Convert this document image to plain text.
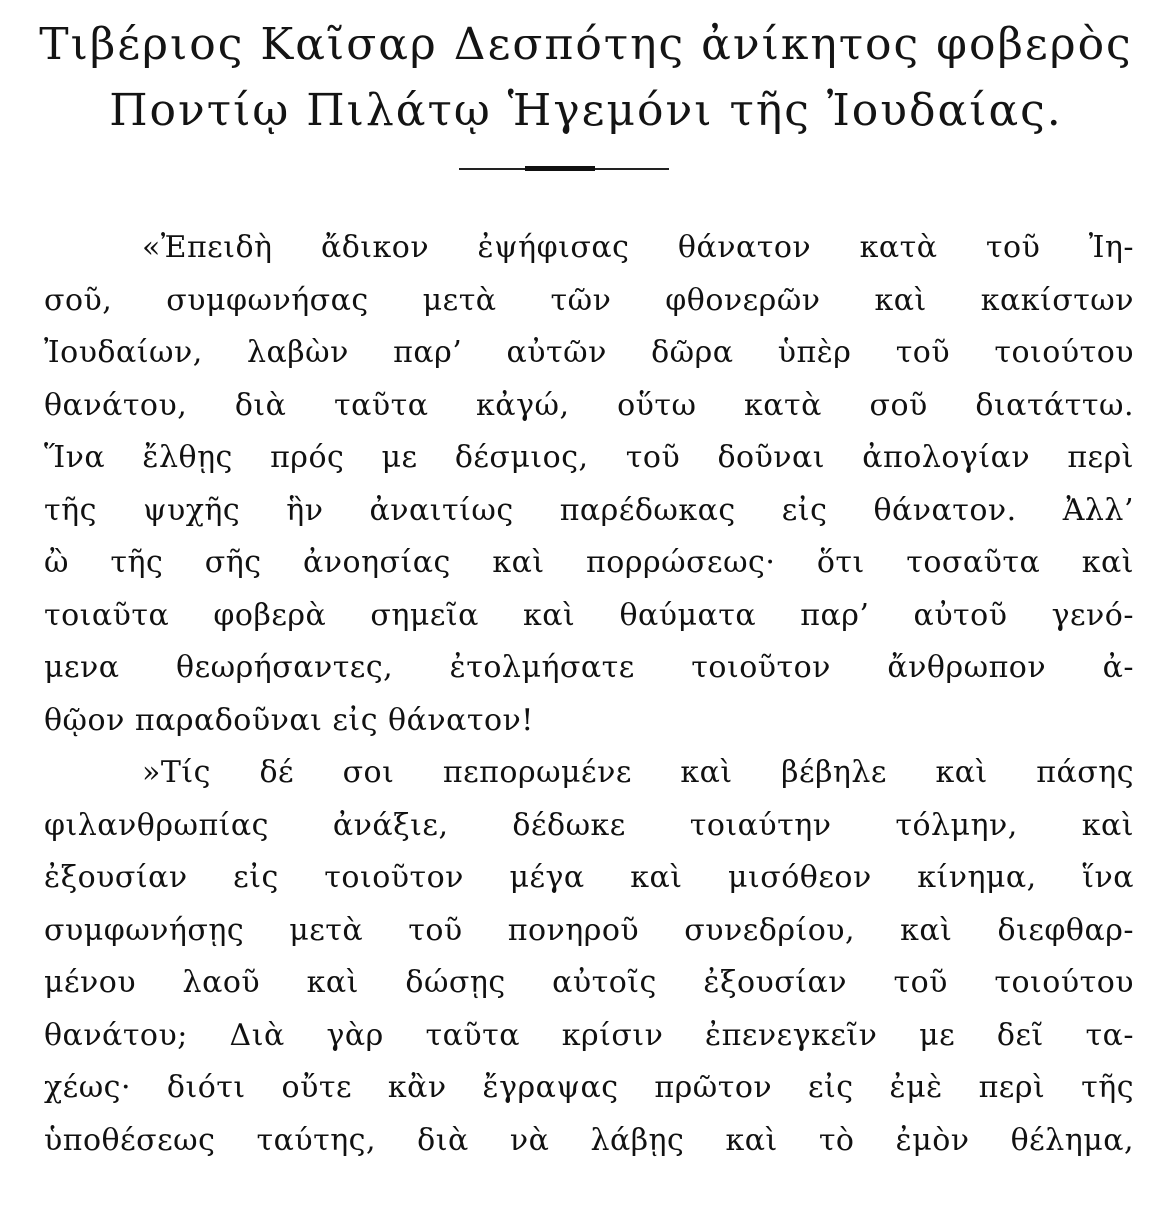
Τιβέριος Καῖσαρ Δεσπότης ἀνίκητος φοβερὸς
Ποντίῳ Πιλάτῳ Ἡγεμόνι τῆς Ἰουδαίας.
«Ἐπειδὴ ἄδικον ἐψήφισας θάνατον κατὰ τοῦ Ἰη-
σοῦ, συμφωνήσας μετὰ τῶν φθονερῶν καὶ κακίστων
Ἰουδαίων, λαβὼν παρ’ αὐτῶν δῶρα ὑπὲρ τοῦ τοιούτου
θανάτου, διὰ ταῦτα κἀγώ, οὕτω κατὰ σοῦ διατάττω.
Ἵνα ἔλθῃς πρός με δέσμιος, τοῦ δοῦναι ἀπολογίαν περὶ
τῆς ψυχῆς ἣν ἀναιτίως παρέδωκας εἰς θάνατον. Ἀλλ’
ὢ τῆς σῆς ἀνοησίας καὶ πορρώσεως· ὅτι τοσαῦτα καὶ
τοιαῦτα φοβερὰ σημεῖα καὶ θαύματα παρ’ αὐτοῦ γενό-
μενα θεωρήσαντες, ἐτολμήσατε τοιοῦτον ἄνθρωπον ἀ-
θῷον παραδοῦναι εἰς θάνατον!
»Τίς δέ σοι πεπορωμένε καὶ βέβηλε καὶ πάσης
φιλανθρωπίας ἀνάξιε, δέδωκε τοιαύτην τόλμην, καὶ
ἐξουσίαν εἰς τοιοῦτον μέγα καὶ μισόθεον κίνημα, ἵνα
συμφωνήσῃς μετὰ τοῦ πονηροῦ συνεδρίου, καὶ διεφθαρ-
μένου λαοῦ καὶ δώσῃς αὐτοῖς ἐξουσίαν τοῦ τοιούτου
θανάτου; Διὰ γὰρ ταῦτα κρίσιν ἐπενεγκεῖν με δεῖ τα-
χέως· διότι οὔτε κἂν ἔγραψας πρῶτον εἰς ἐμὲ περὶ τῆς
ὑποθέσεως ταύτης, διὰ νὰ λάβῃς καὶ τὸ ἐμὸν θέλημα,
